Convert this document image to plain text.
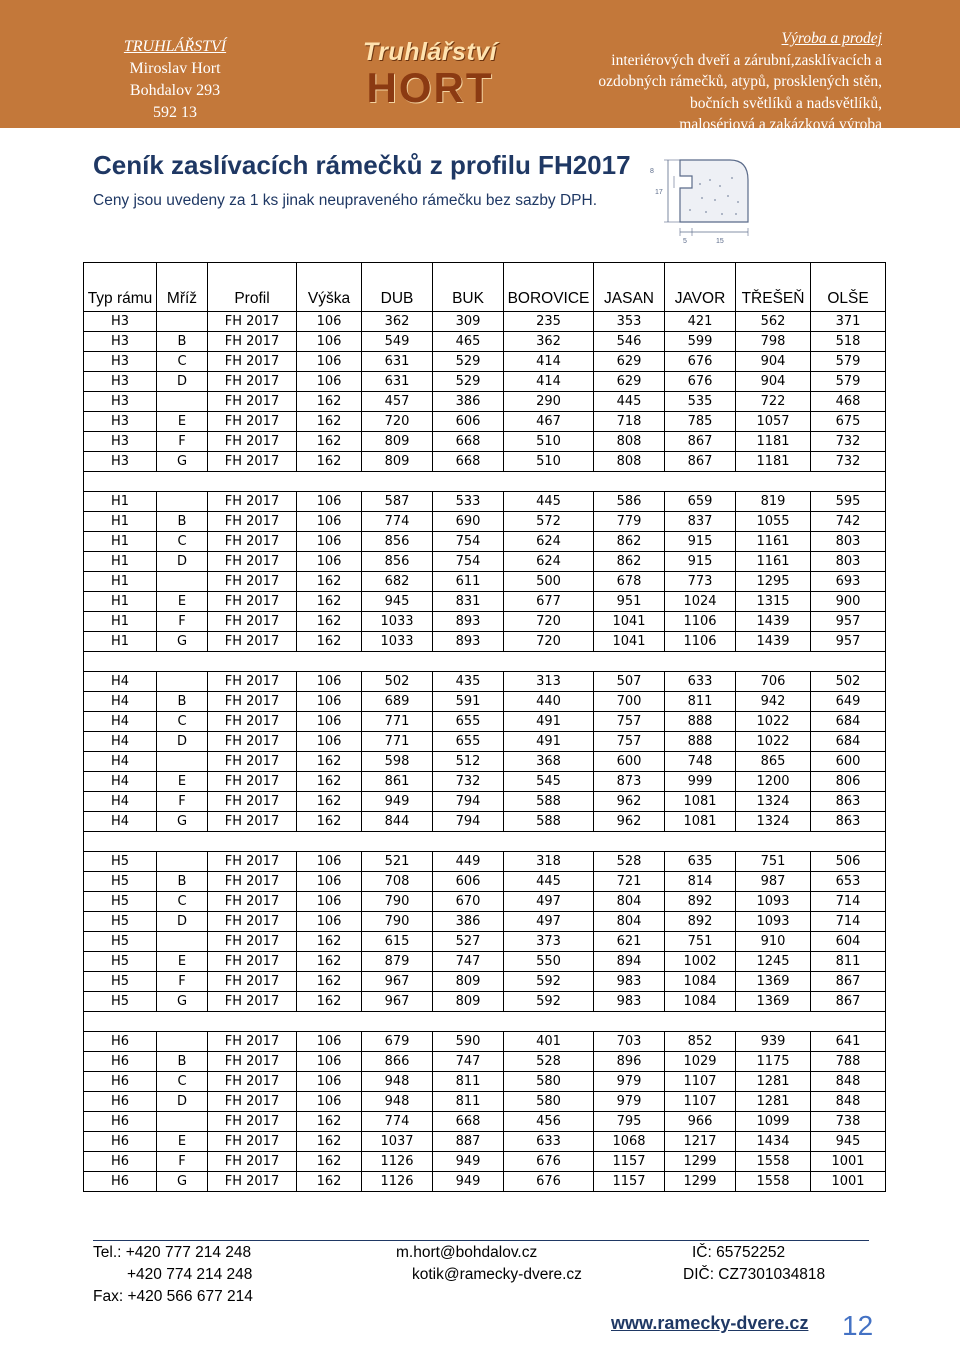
TRUHLÁŘSTVÍ
Miroslav Hort
Bohdalov 293
592 13
Truhlářství
HORT
Výroba a prodej
interiérových dveří a zárubní,zasklívacích a
ozdobných rámečků, atypů, prosklených stěn,
bočních světlíků a nadsvětlíků,
malosériová a zakázková výroba
Ceník zaslívacích rámečků z profilu FH2017

Ceny jsou uvedeny za 1 ks jinak neupraveného rámečku bez sazby DPH.	17
8
5	15
Typ rámu	Mříž	Profil	Výška	DUB	BUK	BOROVICE	JASAN	JAVOR	TŘEŠEŇ	OLŠE
H3		FH 2017	106	362	309	235	353	421	562	371
H3	B	FH 2017	106	549	465	362	546	599	798	518
H3	C	FH 2017	106	631	529	414	629	676	904	579
H3	D	FH 2017	106	631	529	414	629	676	904	579
H3		FH 2017	162	457	386	290	445	535	722	468
H3	E	FH 2017	162	720	606	467	718	785	1057	675
H3	F	FH 2017	162	809	668	510	808	867	1181	732
H3	G	FH 2017	162	809	668	510	808	867	1181	732

H1		FH 2017	106	587	533	445	586	659	819	595
H1	B	FH 2017	106	774	690	572	779	837	1055	742
H1	C	FH 2017	106	856	754	624	862	915	1161	803
H1	D	FH 2017	106	856	754	624	862	915	1161	803
H1		FH 2017	162	682	611	500	678	773	1295	693
H1	E	FH 2017	162	945	831	677	951	1024	1315	900
H1	F	FH 2017	162	1033	893	720	1041	1106	1439	957
H1	G	FH 2017	162	1033	893	720	1041	1106	1439	957

H4		FH 2017	106	502	435	313	507	633	706	502
H4	B	FH 2017	106	689	591	440	700	811	942	649
H4	C	FH 2017	106	771	655	491	757	888	1022	684
H4	D	FH 2017	106	771	655	491	757	888	1022	684
H4		FH 2017	162	598	512	368	600	748	865	600
H4	E	FH 2017	162	861	732	545	873	999	1200	806
H4	F	FH 2017	162	949	794	588	962	1081	1324	863
H4	G	FH 2017	162	844	794	588	962	1081	1324	863

H5		FH 2017	106	521	449	318	528	635	751	506
H5	B	FH 2017	106	708	606	445	721	814	987	653
H5	C	FH 2017	106	790	670	497	804	892	1093	714
H5	D	FH 2017	106	790	386	497	804	892	1093	714
H5		FH 2017	162	615	527	373	621	751	910	604
H5	E	FH 2017	162	879	747	550	894	1002	1245	811
H5	F	FH 2017	162	967	809	592	983	1084	1369	867
H5	G	FH 2017	162	967	809	592	983	1084	1369	867

H6		FH 2017	106	679	590	401	703	852	939	641
H6	B	FH 2017	106	866	747	528	896	1029	1175	788
H6	C	FH 2017	106	948	811	580	979	1107	1281	848
H6	D	FH 2017	106	948	811	580	979	1107	1281	848
H6		FH 2017	162	774	668	456	795	966	1099	738
H6	E	FH 2017	162	1037	887	633	1068	1217	1434	945
H6	F	FH 2017	162	1126	949	676	1157	1299	1558	1001
H6	G	FH 2017	162	1126	949	676	1157	1299	1558	1001
Tel.: +420 777 214 248
+420 774 214 248
Fax: +420 566 677 214
m.hort@bohdalov.cz
kotik@ramecky-dvere.cz
IČ: 65752252
DIČ: CZ7301034818
www.ramecky-dvere.cz 12
